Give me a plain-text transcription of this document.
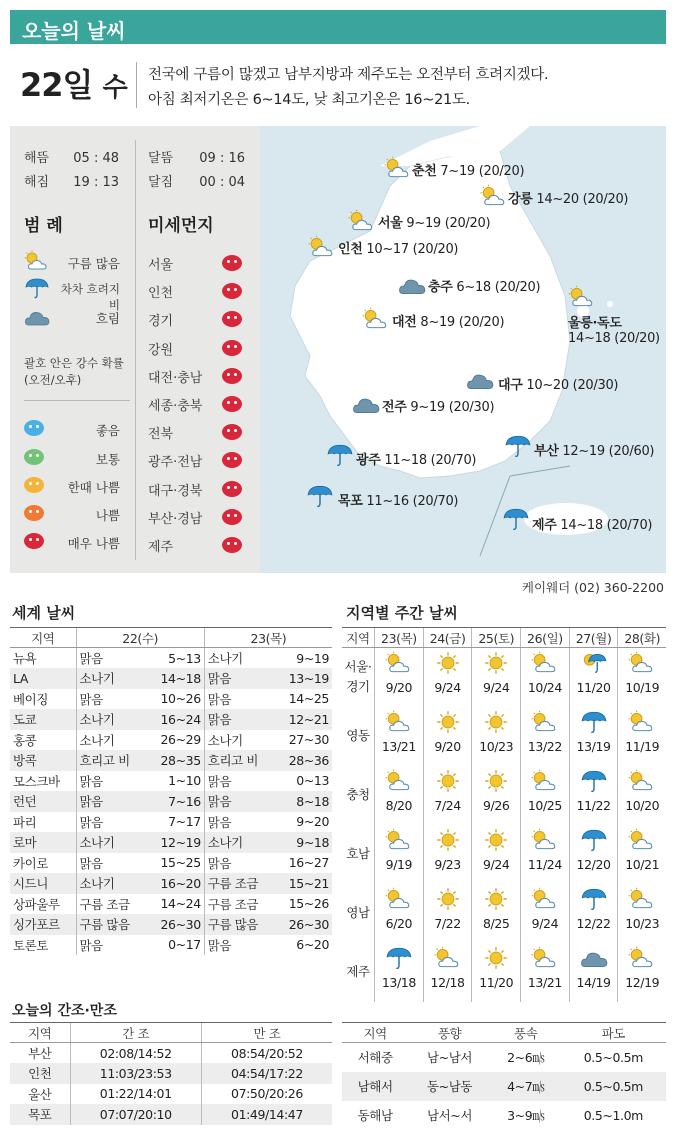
오늘의 날씨
22일 수 전국에 구름이 많겠고 남부지방과 제주도는 오전부터 흐려지겠다.
아침 최저기온은 6~14도, 낮 최고기온은 16~21도.
해뜸 05 : 48
해짐 19 : 13
달뜸 09 : 16
달짐 00 : 04
범 례	미세먼지
구름 많음
차차 흐려지 비
흐림
괄호 안은 강수 확률
(오전/오후)
좋음
보통
한때 나쁨
나쁨
매우 나쁨
서울
인천
경기
강원
대전·충남
세종·충북
전북
광주·전남
대구·경북
부산·경남
제주
춘천 7~19 (20/20)
강릉 14~20 (20/20)
서울 9~19 (20/20)
인천 10~17 (20/20)
충주 6~18 (20/20)
대전 8~19 (20/20)	울릉·독도
14~18 (20/20)
대구 10~20 (20/30)
전주 9~19 (20/30)
부산 12~19 (20/60)
광주 11~18 (20/70)
목포 11~16 (20/70)
제주 14~18 (20/70)
케이웨더 (02) 360-2200
세계 날씨
지역	22(수)		23(목)	
뉴욕	맑음	5~13	소나기	9~19
LA	소나기	14~18	맑음	13~19
베이징	맑음	10~26	맑음	14~25
도쿄	소나기	16~24	맑음	12~21
홍콩	소나기	26~29	소나기	27~30
방콕	흐리고 비	28~35	흐리고 비	28~36
모스크바	맑음	1~10	맑음	0~13
런던	맑음	7~16	맑음	8~18
파리	맑음	7~17	맑음	9~20
로마	소나기	12~19	소나기	9~18
카이로	맑음	15~25	맑음	16~27
시드니	소나기	16~20	구름 조금	15~21
상파울루	구름 조금	14~24	구름 조금	15~26
싱가포르	구름 많음	26~30	구름 많음	26~30
토론토	맑음	0~17	맑음	6~20
지역별 주간 날씨
지역	23(목)	24(금)	25(토)	26(일)	27(월)	28(화)
서울·
경기	9/20	9/24	9/24	10/24	11/20	10/19

영동	13/21	9/20	10/23	13/22	13/19	11/19

충청	8/20	7/24	9/26	10/25	11/22	10/20

호남	9/19	9/23	9/24	11/24	12/20	10/21

영남	6/20	7/22	8/25	9/24	12/22	10/23

제주	13/18	12/18	11/20	13/21	14/19	12/19
오늘의 간조·만조
지역	간 조	만 조
부산	02:08/14:52	08:54/20:52
인천	11:03/23:53	04:54/17:22
울산	01:22/14:01	07:50/20:26
목포	07:07/20:10	01:49/14:47
지역	풍향	풍속	파도
서해중	남~남서	2~6㎧	0.5~0.5m
남해서	동~남동	4~7㎧	0.5~0.5m
동해남	남서~서	3~9㎧	0.5~1.0m
